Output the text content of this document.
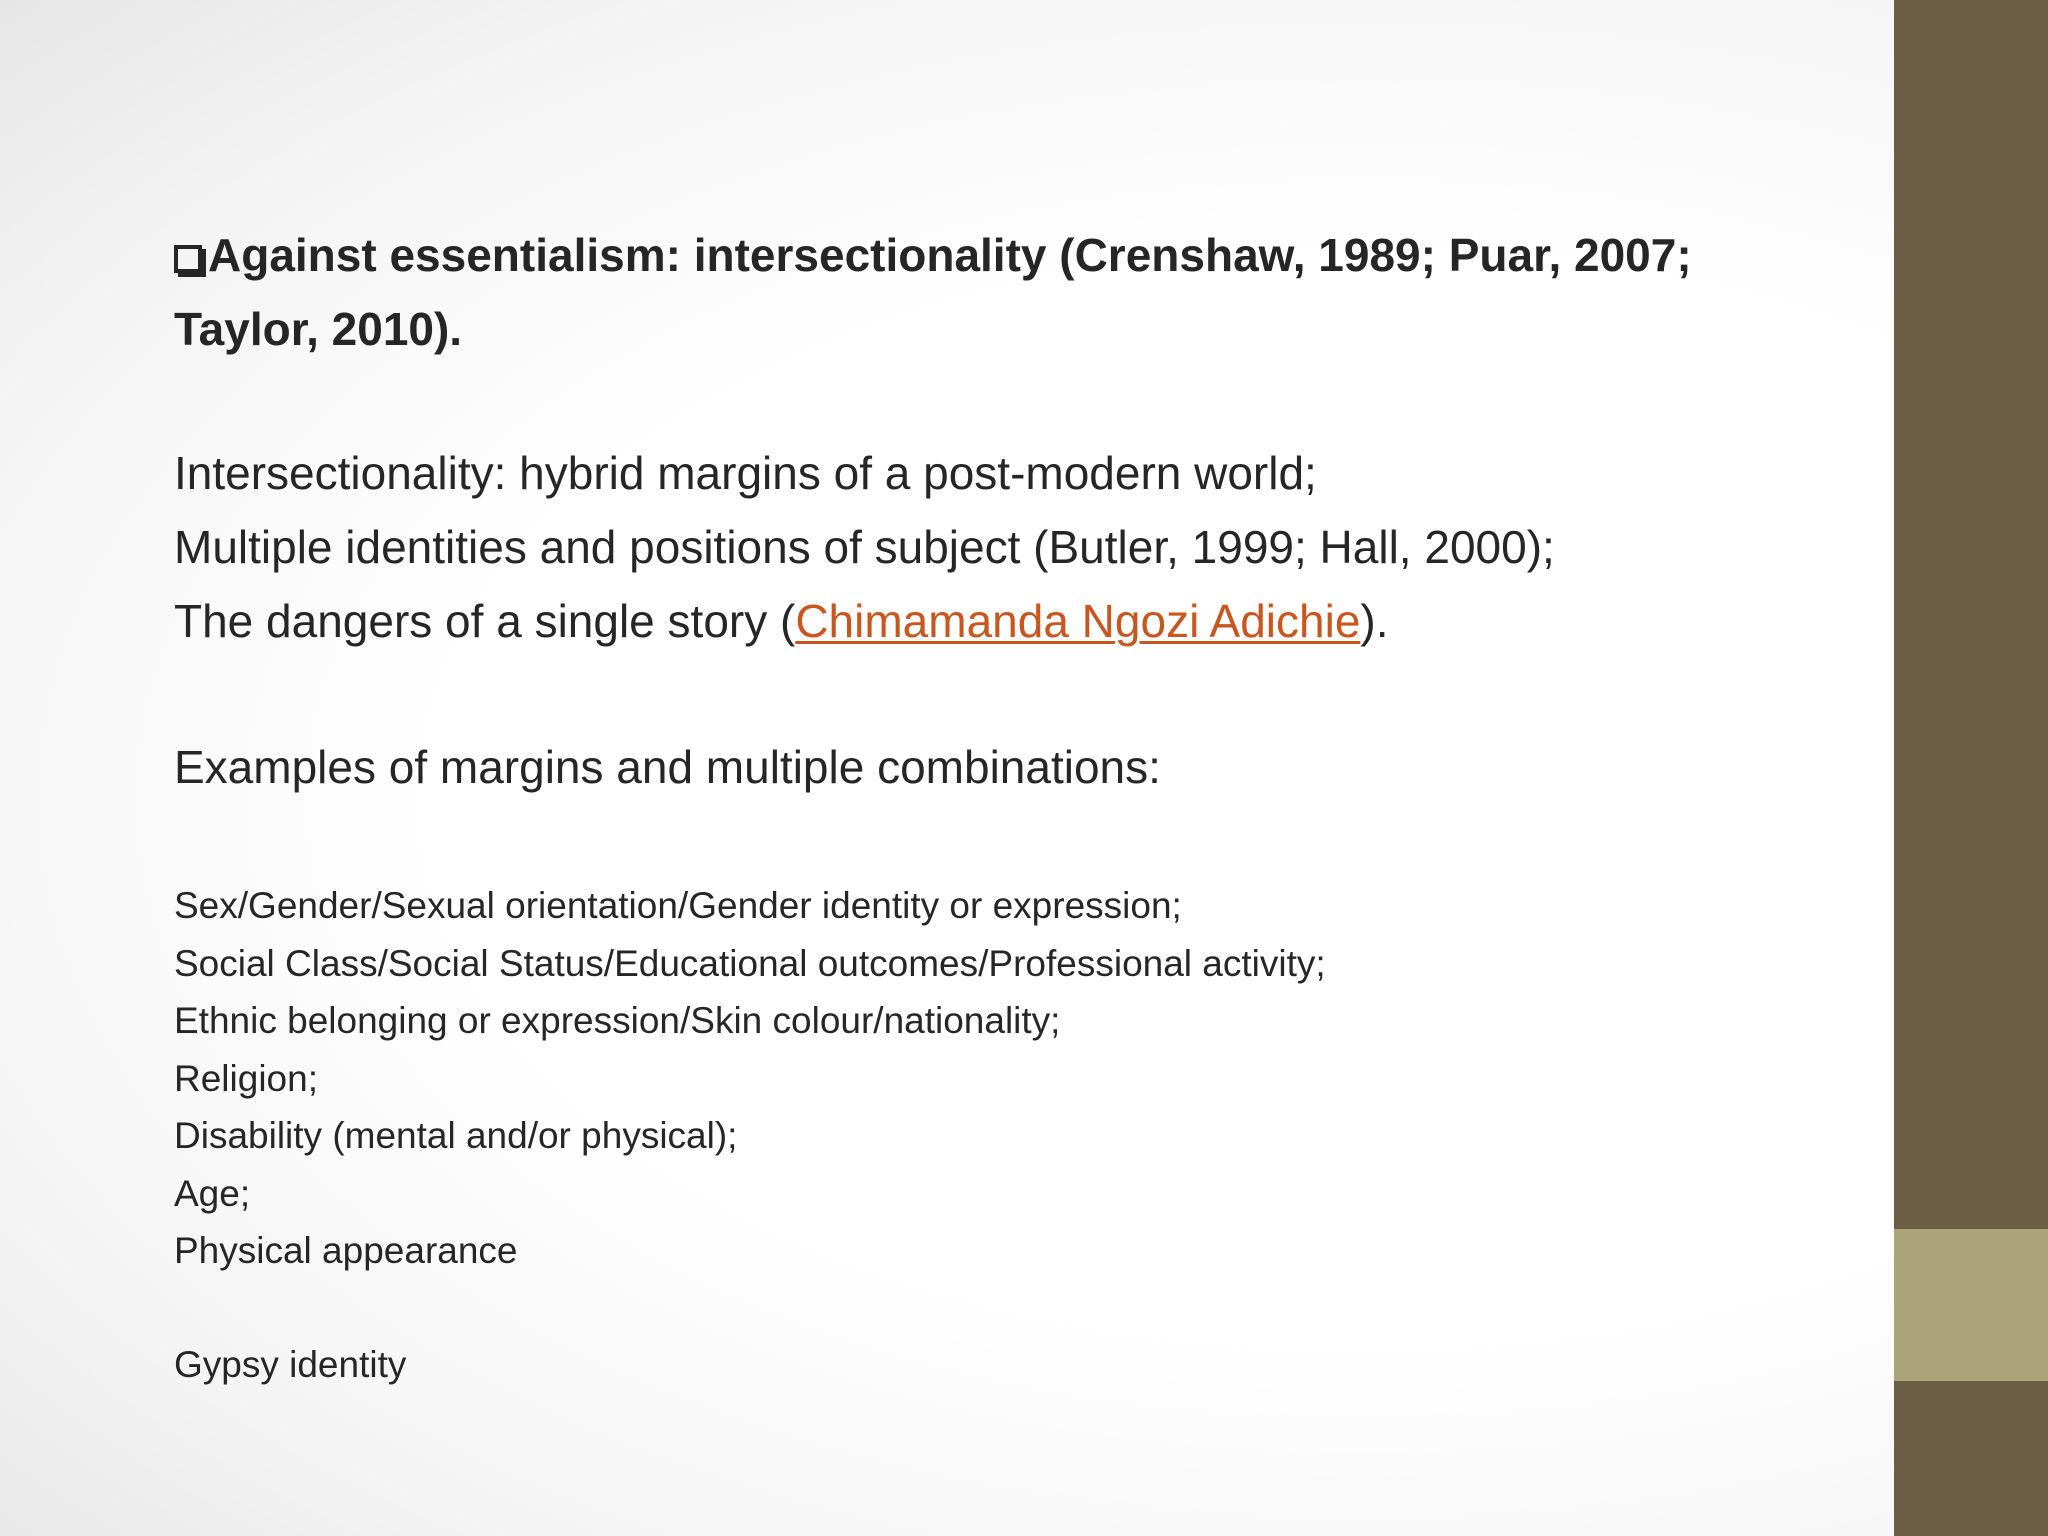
Against essentialism: intersectionality (Crenshaw, 1989; Puar, 2007;
Taylor, 2010).
Intersectionality: hybrid margins of a post-modern world;
Multiple identities and positions of subject (Butler, 1999; Hall, 2000);
The dangers of a single story (Chimamanda Ngozi Adichie).
Examples of margins and multiple combinations:
Sex/Gender/Sexual orientation/Gender identity or expression;
Social Class/Social Status/Educational outcomes/Professional activity;
Ethnic belonging or expression/Skin colour/nationality;
Religion;
Disability (mental and/or physical);
Age;
Physical appearance
Gypsy identity
